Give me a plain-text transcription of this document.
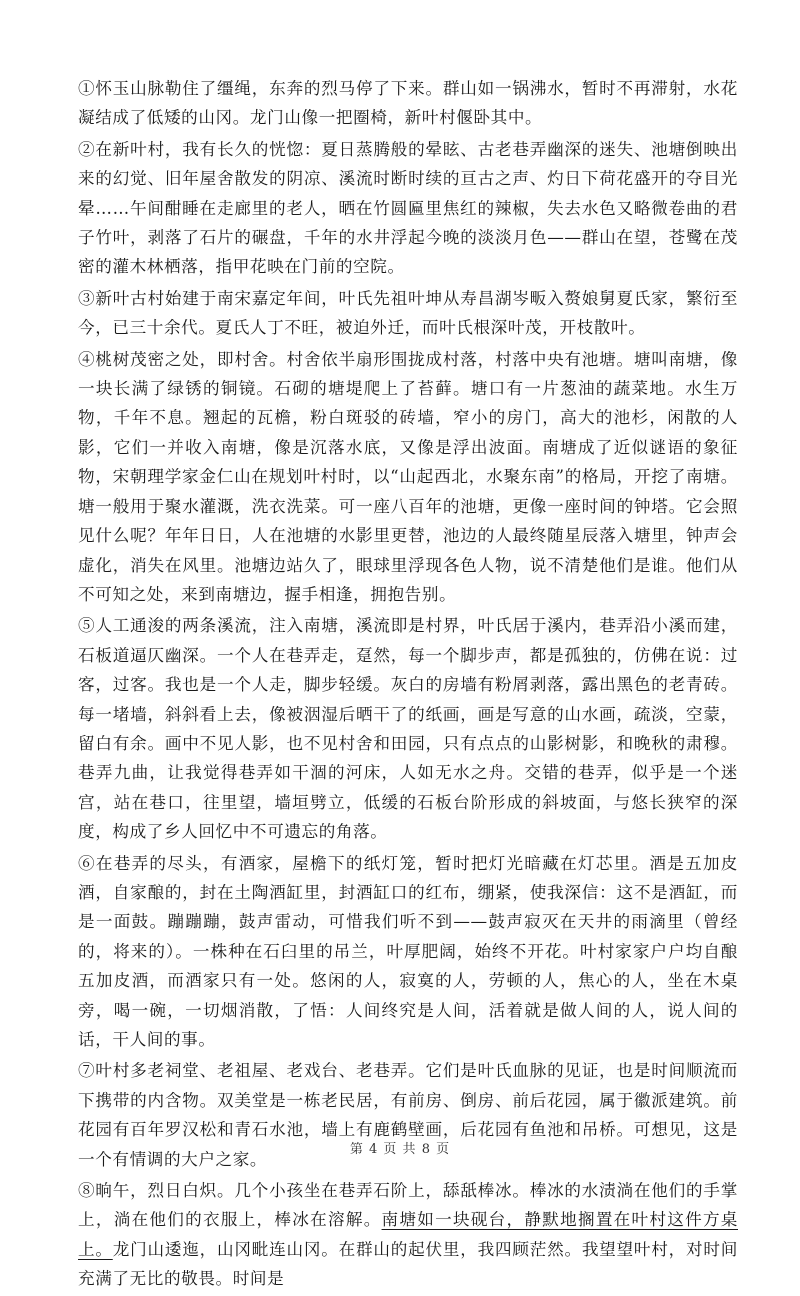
①怀玉山脉勒住了缰绳，东奔的烈马停了下来。群山如一锅沸水，暂时不再滞射，水花凝结成了低矮的山冈。龙门山像一把圈椅，新叶村偃卧其中。

②在新叶村，我有长久的恍惚：夏日蒸腾般的晕眩、古老巷弄幽深的迷失、池塘倒映出来的幻觉、旧年屋舍散发的阴凉、溪流时断时续的亘古之声、灼日下荷花盛开的夺目光晕……午间酣睡在走廊里的老人，晒在竹圆匾里焦红的辣椒，失去水色又略微卷曲的君子竹叶，剥落了石片的碾盘，千年的水井浮起今晚的淡淡月色——群山在望，苍鹭在茂密的灌木林栖落，指甲花映在门前的空院。

③新叶古村始建于南宋嘉定年间，叶氏先祖叶坤从寿昌湖岑畈入赘娘舅夏氏家，繁衍至今，已三十余代。夏氏人丁不旺，被迫外迁，而叶氏根深叶茂，开枝散叶。

④桃树茂密之处，即村舍。村舍依半扇形围拢成村落，村落中央有池塘。塘叫南塘，像一块长满了绿锈的铜镜。石砌的塘堤爬上了苔藓。塘口有一片葱油的蔬菜地。水生万物，千年不息。翘起的瓦檐，粉白斑驳的砖墙，窄小的房门，高大的池杉，闲散的人影，它们一并收入南塘，像是沉落水底，又像是浮出波面。南塘成了近似谜语的象征物，宋朝理学家金仁山在规划叶村时，以“山起西北，水聚东南”的格局，开挖了南塘。塘一般用于聚水灌溉，洗衣洗菜。可一座八百年的池塘，更像一座时间的钟塔。它会照见什么呢？年年日日，人在池塘的水影里更替，池边的人最终随星辰落入塘里，钟声会虚化，消失在风里。池塘边站久了，眼球里浮现各色人物，说不清楚他们是谁。他们从不可知之处，来到南塘边，握手相逢，拥抱告别。

⑤人工通浚的两条溪流，注入南塘，溪流即是村界，叶氏居于溪内，巷弄沿小溪而建，石板道逼仄幽深。一个人在巷弄走，趸然，每一个脚步声，都是孤独的，仿佛在说：过客，过客。我也是一个人走，脚步轻缓。灰白的房墙有粉屑剥落，露出黑色的老青砖。每一堵墙，斜斜看上去，像被洇湿后晒干了的纸画，画是写意的山水画，疏淡，空蒙，留白有余。画中不见人影，也不见村舍和田园，只有点点的山影树影，和晚秋的肃穆。巷弄九曲，让我觉得巷弄如干涸的河床，人如无水之舟。交错的巷弄，似乎是一个迷宫，站在巷口，往里望，墙垣劈立，低缓的石板台阶形成的斜坡面，与悠长狭窄的深度，构成了乡人回忆中不可遗忘的角落。

⑥在巷弄的尽头，有酒家，屋檐下的纸灯笼，暂时把灯光暗藏在灯芯里。酒是五加皮酒，自家酿的，封在土陶酒缸里，封酒缸口的红布，绷紧，使我深信：这不是酒缸，而是一面鼓。蹦蹦蹦，鼓声雷动，可惜我们听不到——鼓声寂灭在天井的雨滴里（曾经的，将来的）。一株种在石臼里的吊兰，叶厚肥阔，始终不开花。叶村家家户户均自酿五加皮酒，而酒家只有一处。悠闲的人，寂寞的人，劳顿的人，焦心的人，坐在木桌旁，喝一碗，一切烟消散，了悟：人间终究是人间，活着就是做人间的人，说人间的话，干人间的事。

⑦叶村多老祠堂、老祖屋、老戏台、老巷弄。它们是叶氏血脉的见证，也是时间顺流而下携带的内含物。双美堂是一栋老民居，有前房、倒房、前后花园，属于徽派建筑。前花园有百年罗汉松和青石水池，墙上有鹿鹤壁画，后花园有鱼池和吊桥。可想见，这是一个有情调的大户之家。

⑧晌午，烈日白炽。几个小孩坐在巷弄石阶上，舔舐棒冰。棒冰的水渍淌在他们的手掌上，淌在他们的衣服上，棒冰在溶解。南塘如一块砚台，静默地搁置在叶村这件方桌上。龙门山逶迤，山冈毗连山冈。在群山的起伏里，我四顾茫然。我望望叶村，对时间充满了无比的敬畏。时间是

第 4 页 共 8 页
